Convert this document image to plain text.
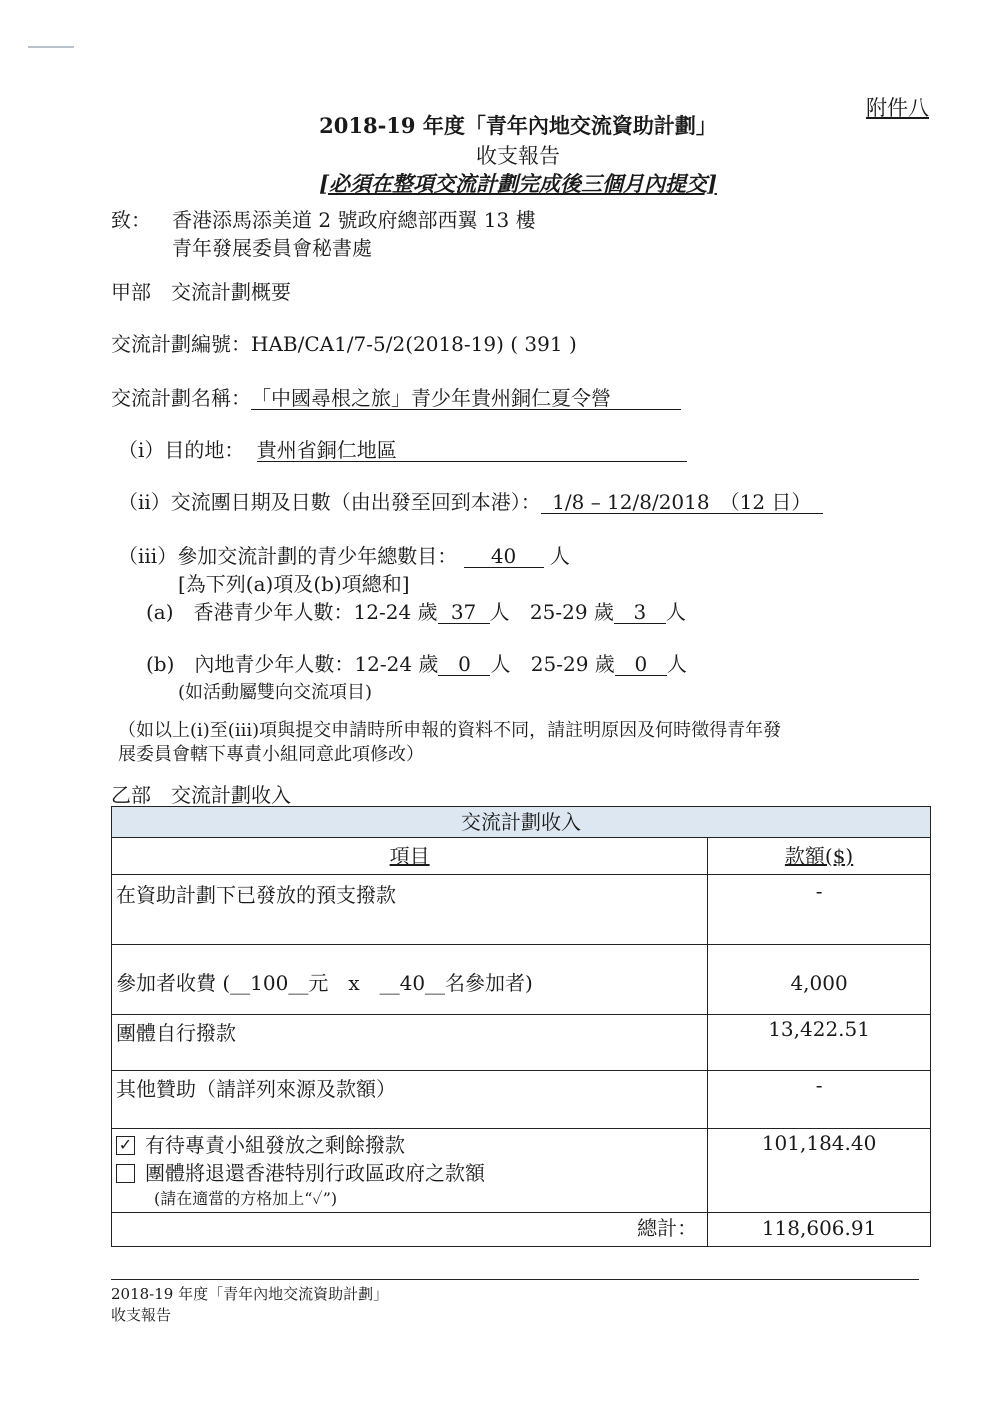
附件八
2018-19 年度「青年內地交流資助計劃」
收支報告
[必須在整項交流計劃完成後三個月內提交]
致： 香港添馬添美道 2 號政府總部西翼 13 樓
青年發展委員會秘書處
甲部　交流計劃概要
交流計劃編號：HAB/CA1/7-5/2(2018-19) ( 391 )
交流計劃名稱：「中國尋根之旅」青少年貴州銅仁夏令營
（i）目的地： 貴州省銅仁地區
（ii）交流團日期及日數（由出發至回到本港）： 1/8 – 12/8/2018　（12 日）
（iii）參加交流計劃的青少年總數目： 40 人
[為下列(a)項及(b)項總和]
(a)　香港青少年人數：12-24 歲 37 人 25-29 歲 3 人
(b)　內地青少年人數：12-24 歲 0 人 25-29 歲 0 人
(如活動屬雙向交流項目)
（如以上(i)至(iii)項與提交申請時所申報的資料不同，請註明原因及何時徵得青年發
展委員會轄下專責小組同意此項修改）
乙部　交流計劃收入
交流計劃收入	
項目	款額($)
在資助計劃下已發放的預支撥款	-
參加者收費 (__100__元　x　__40__名參加者)	4,000
團體自行撥款	13,422.51
其他贊助（請詳列來源及款額）	-

✓ 有待專責小組發放之剩餘撥款
團體將退還香港特別行政區政府之款額
(請在適當的方格加上“✓”)	101,184.40
總計：	118,606.91
2018-19 年度「青年內地交流資助計劃」
收支報告
